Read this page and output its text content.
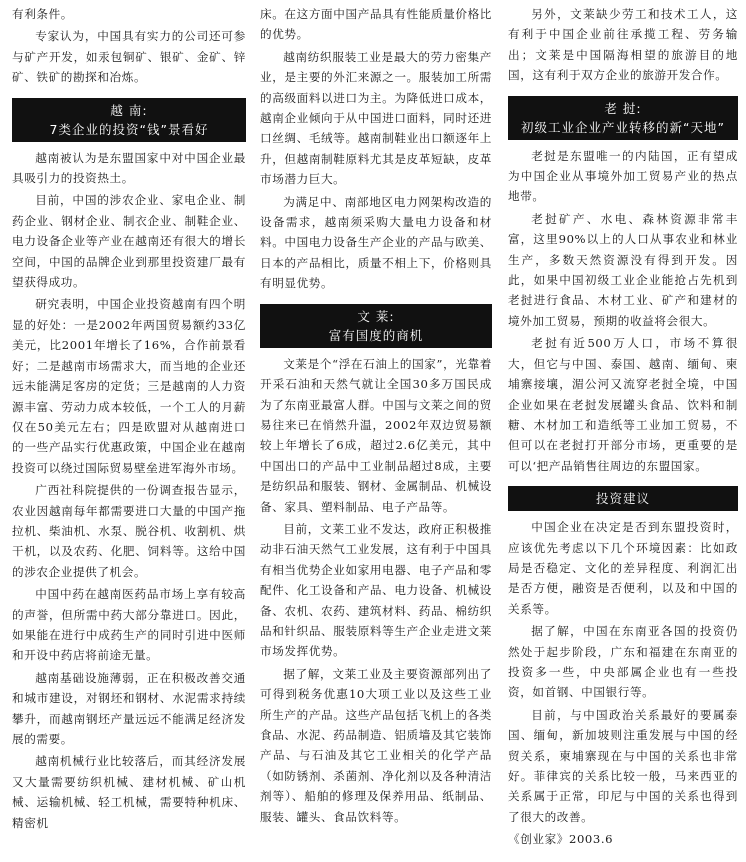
有利条件。

专家认为，中国具有实力的公司还可参与矿产开发，如汞包铜矿、银矿、金矿、锌矿、铁矿的勘探和冶炼。

越 南:
7类企业的投资“钱”景看好

越南被认为是东盟国家中对中国企业最具吸引力的投资热土。

目前，中国的涉农企业、家电企业、制药企业、钢材企业、制衣企业、制鞋企业、电力设备企业等产业在越南还有很大的增长空间，中国的品牌企业到那里投资建厂最有望获得成功。

研究表明，中国企业投资越南有四个明显的好处：一是2002年两国贸易额约33亿美元，比2001年增长了16%，合作前景看好；二是越南市场需求大，而当地的企业还远未能满足客房的定货；三是越南的人力资源丰富、劳动力成本较低，一个工人的月薪仅在50美元左右；四是欧盟对从越南进口的一些产品实行优惠政策，中国企业在越南投资可以绕过国际贸易壁垒进军海外市场。

广西社科院提供的一份调查报告显示，农业因越南每年都需要进口大量的中国产拖拉机、柴油机、水泵、脱谷机、收割机、烘干机，以及农药、化肥、饲料等。这给中国的涉农企业提供了机会。

中国中药在越南医药品市场上享有较高的声誉，但所需中药大部分靠进口。因此，如果能在进行中成药生产的同时引进中医师和开设中药店将前途无量。

越南基础设施薄弱，正在积极改善交通和城市建设，对钢坯和钢材、水泥需求持续攀升，而越南钢坯产量远远不能满足经济发展的需要。

越南机械行业比较落后，而其经济发展又大量需要纺织机械、建材机械、矿山机械、运输机械、轻工机械，需要特种机床、精密机

床。在这方面中国产品具有性能质量价格比的优势。

越南纺织服装工业是最大的劳力密集产业，是主要的外汇来源之一。服装加工所需的高级面料以进口为主。为降低进口成本，越南企业倾向于从中国进口面料，同时还进口丝绸、毛绒等。越南制鞋业出口额逐年上升，但越南制鞋原料尤其是皮革短缺，皮革市场潜力巨大。

为满足中、南部地区电力网架构改造的设备需求，越南须采购大量电力设备和材料。中国电力设备生产企业的产品与欧美、日本的产品相比，质量不相上下，价格则具有明显优势。

文 莱:
富有国度的商机

文莱是个“浮在石油上的国家”，光靠着开采石油和天然气就让全国30多万国民成为了东南亚最富人群。中国与文莱之间的贸易往来已在悄然升温，2002年双边贸易额较上年增长了6成，超过2.6亿美元，其中中国出口的产品中工业制品超过8成，主要是纺织品和服装、钢材、金属制品、机械设备、家具、塑料制品、电子产品等。

目前，文莱工业不发达，政府正积极推动非石油天然气工业发展，这有利于中国具有相当优势企业如家用电器、电子产品和零配件、化工设备和产品、电力设备、机械设备、农机、农药、建筑材料、药品、棉纺织品和针织品、服装原料等生产企业走进文莱市场发挥优势。

据了解，文莱工业及主要资源部列出了可得到税务优惠10大项工业以及这些工业所生产的产品。这些产品包括飞机上的各类食品、水泥、药品制造、铝质墙及其它装饰产品、与石油及其它工业相关的化学产品（如防锈剂、杀菌剂、净化剂以及各种清洁剂等）、船舶的修理及保养用品、纸制品、服装、罐头、食品饮料等。

另外，文莱缺少劳工和技术工人，这有利于中国企业前往承揽工程、劳务输出；文莱是中国隔海相望的旅游目的地国，这有利于双方企业的旅游开发合作。

老 挝:
初级工业企业产业转移的新“天地”

老挝是东盟唯一的内陆国，正有望成为中国企业从事境外加工贸易产业的热点地带。

老挝矿产、水电、森林资源非常丰富，这里90%以上的人口从事农业和林业生产，多数天然资源没有得到开发。因此，如果中国初级工业企业能抢占先机到老挝进行食品、木材工业、矿产和建材的境外加工贸易，预期的收益将会很大。

老挝有近500万人口，市场不算很大，但它与中国、泰国、越南、缅甸、柬埔寨接壤，湄公河又流穿老挝全境，中国企业如果在老挝发展罐头食品、饮料和制糖、木材加工和造纸等工业加工贸易，不但可以在老挝打开部分市场，更重要的是可以‘把产品销售往周边的东盟国家。

投资建议

中国企业在决定是否到东盟投资时，应该优先考虑以下几个环境因素：比如政局是否稳定、文化的差异程度、利润汇出是否方便，融资是否便利，以及和中国的关系等。

据了解，中国在东南亚各国的投资仍然处于起步阶段，广东和福建在东南亚的投资多一些，中央部属企业也有一些投资，如首钢、中国银行等。

目前，与中国政治关系最好的要属泰国、缅甸，新加坡则注重发展与中国的经贸关系，柬埔寨现在与中国的关系也非常好。菲律宾的关系比较一般，马来西亚的关系属于正常，印尼与中国的关系也得到了很大的改善。

《创业家》2003.6
